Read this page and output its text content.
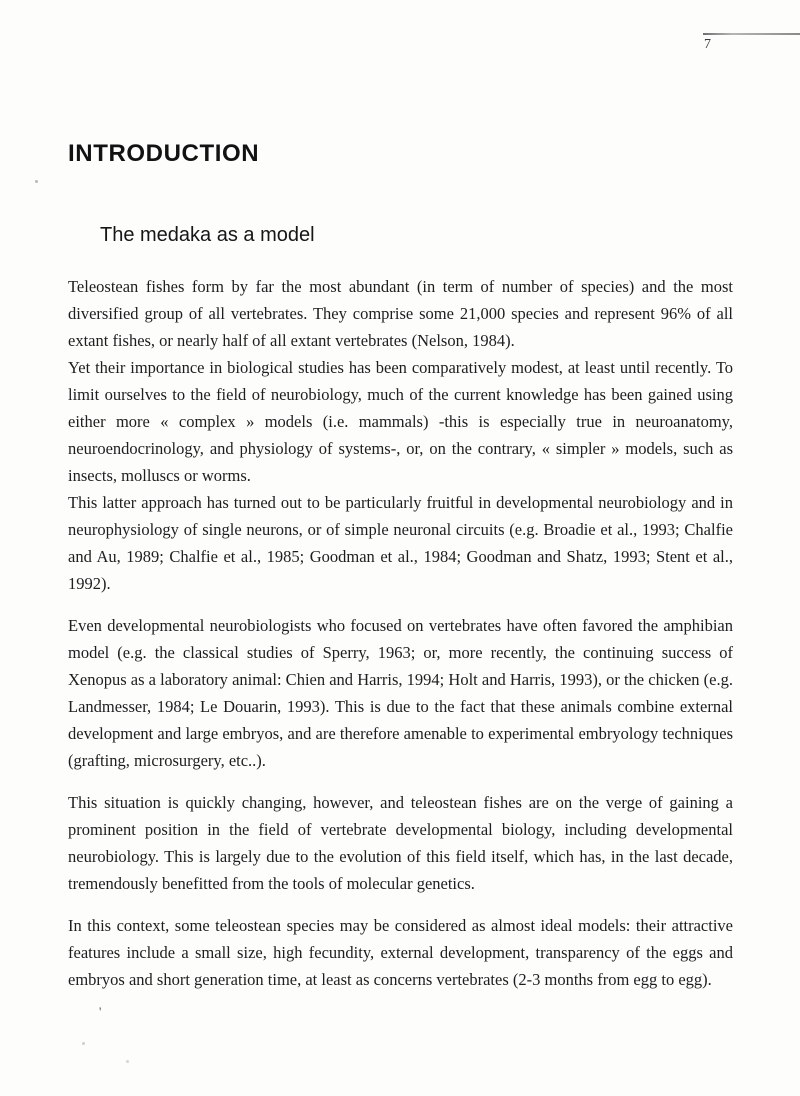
7
INTRODUCTION
The medaka as a model

Teleostean fishes form by far the most abundant (in term of number of species) and the most diversified group of all vertebrates. They comprise some 21,000 species and represent 96% of all extant fishes, or nearly half of all extant vertebrates (Nelson, 1984).

Yet their importance in biological studies has been comparatively modest, at least until recently. To limit ourselves to the field of neurobiology, much of the current knowledge has been gained using either more « complex » models (i.e. mammals) -this is especially true in neuroanatomy, neuroendocrinology, and physiology of systems-, or, on the contrary, « simpler » models, such as insects, molluscs or worms.

This latter approach has turned out to be particularly fruitful in developmental neurobiology and in neurophysiology of single neurons, or of simple neuronal circuits (e.g. Broadie et al., 1993; Chalfie and Au, 1989; Chalfie et al., 1985; Goodman et al., 1984; Goodman and Shatz, 1993; Stent et al., 1992).

Even developmental neurobiologists who focused on vertebrates have often favored the amphibian model (e.g. the classical studies of Sperry, 1963; or, more recently, the continuing success of Xenopus as a laboratory animal: Chien and Harris, 1994; Holt and Harris, 1993), or the chicken (e.g. Landmesser, 1984; Le Douarin, 1993). This is due to the fact that these animals combine external development and large embryos, and are therefore amenable to experimental embryology techniques (grafting, microsurgery, etc..).

This situation is quickly changing, however, and teleostean fishes are on the verge of gaining a prominent position in the field of vertebrate developmental biology, including developmental neurobiology. This is largely due to the evolution of this field itself, which has, in the last decade, tremendously benefitted from the tools of molecular genetics.

In this context, some teleostean species may be considered as almost ideal models: their attractive features include a small size, high fecundity, external development, transparency of the eggs and embryos and short generation time, at least as concerns vertebrates (2-3 months from egg to egg).

'
